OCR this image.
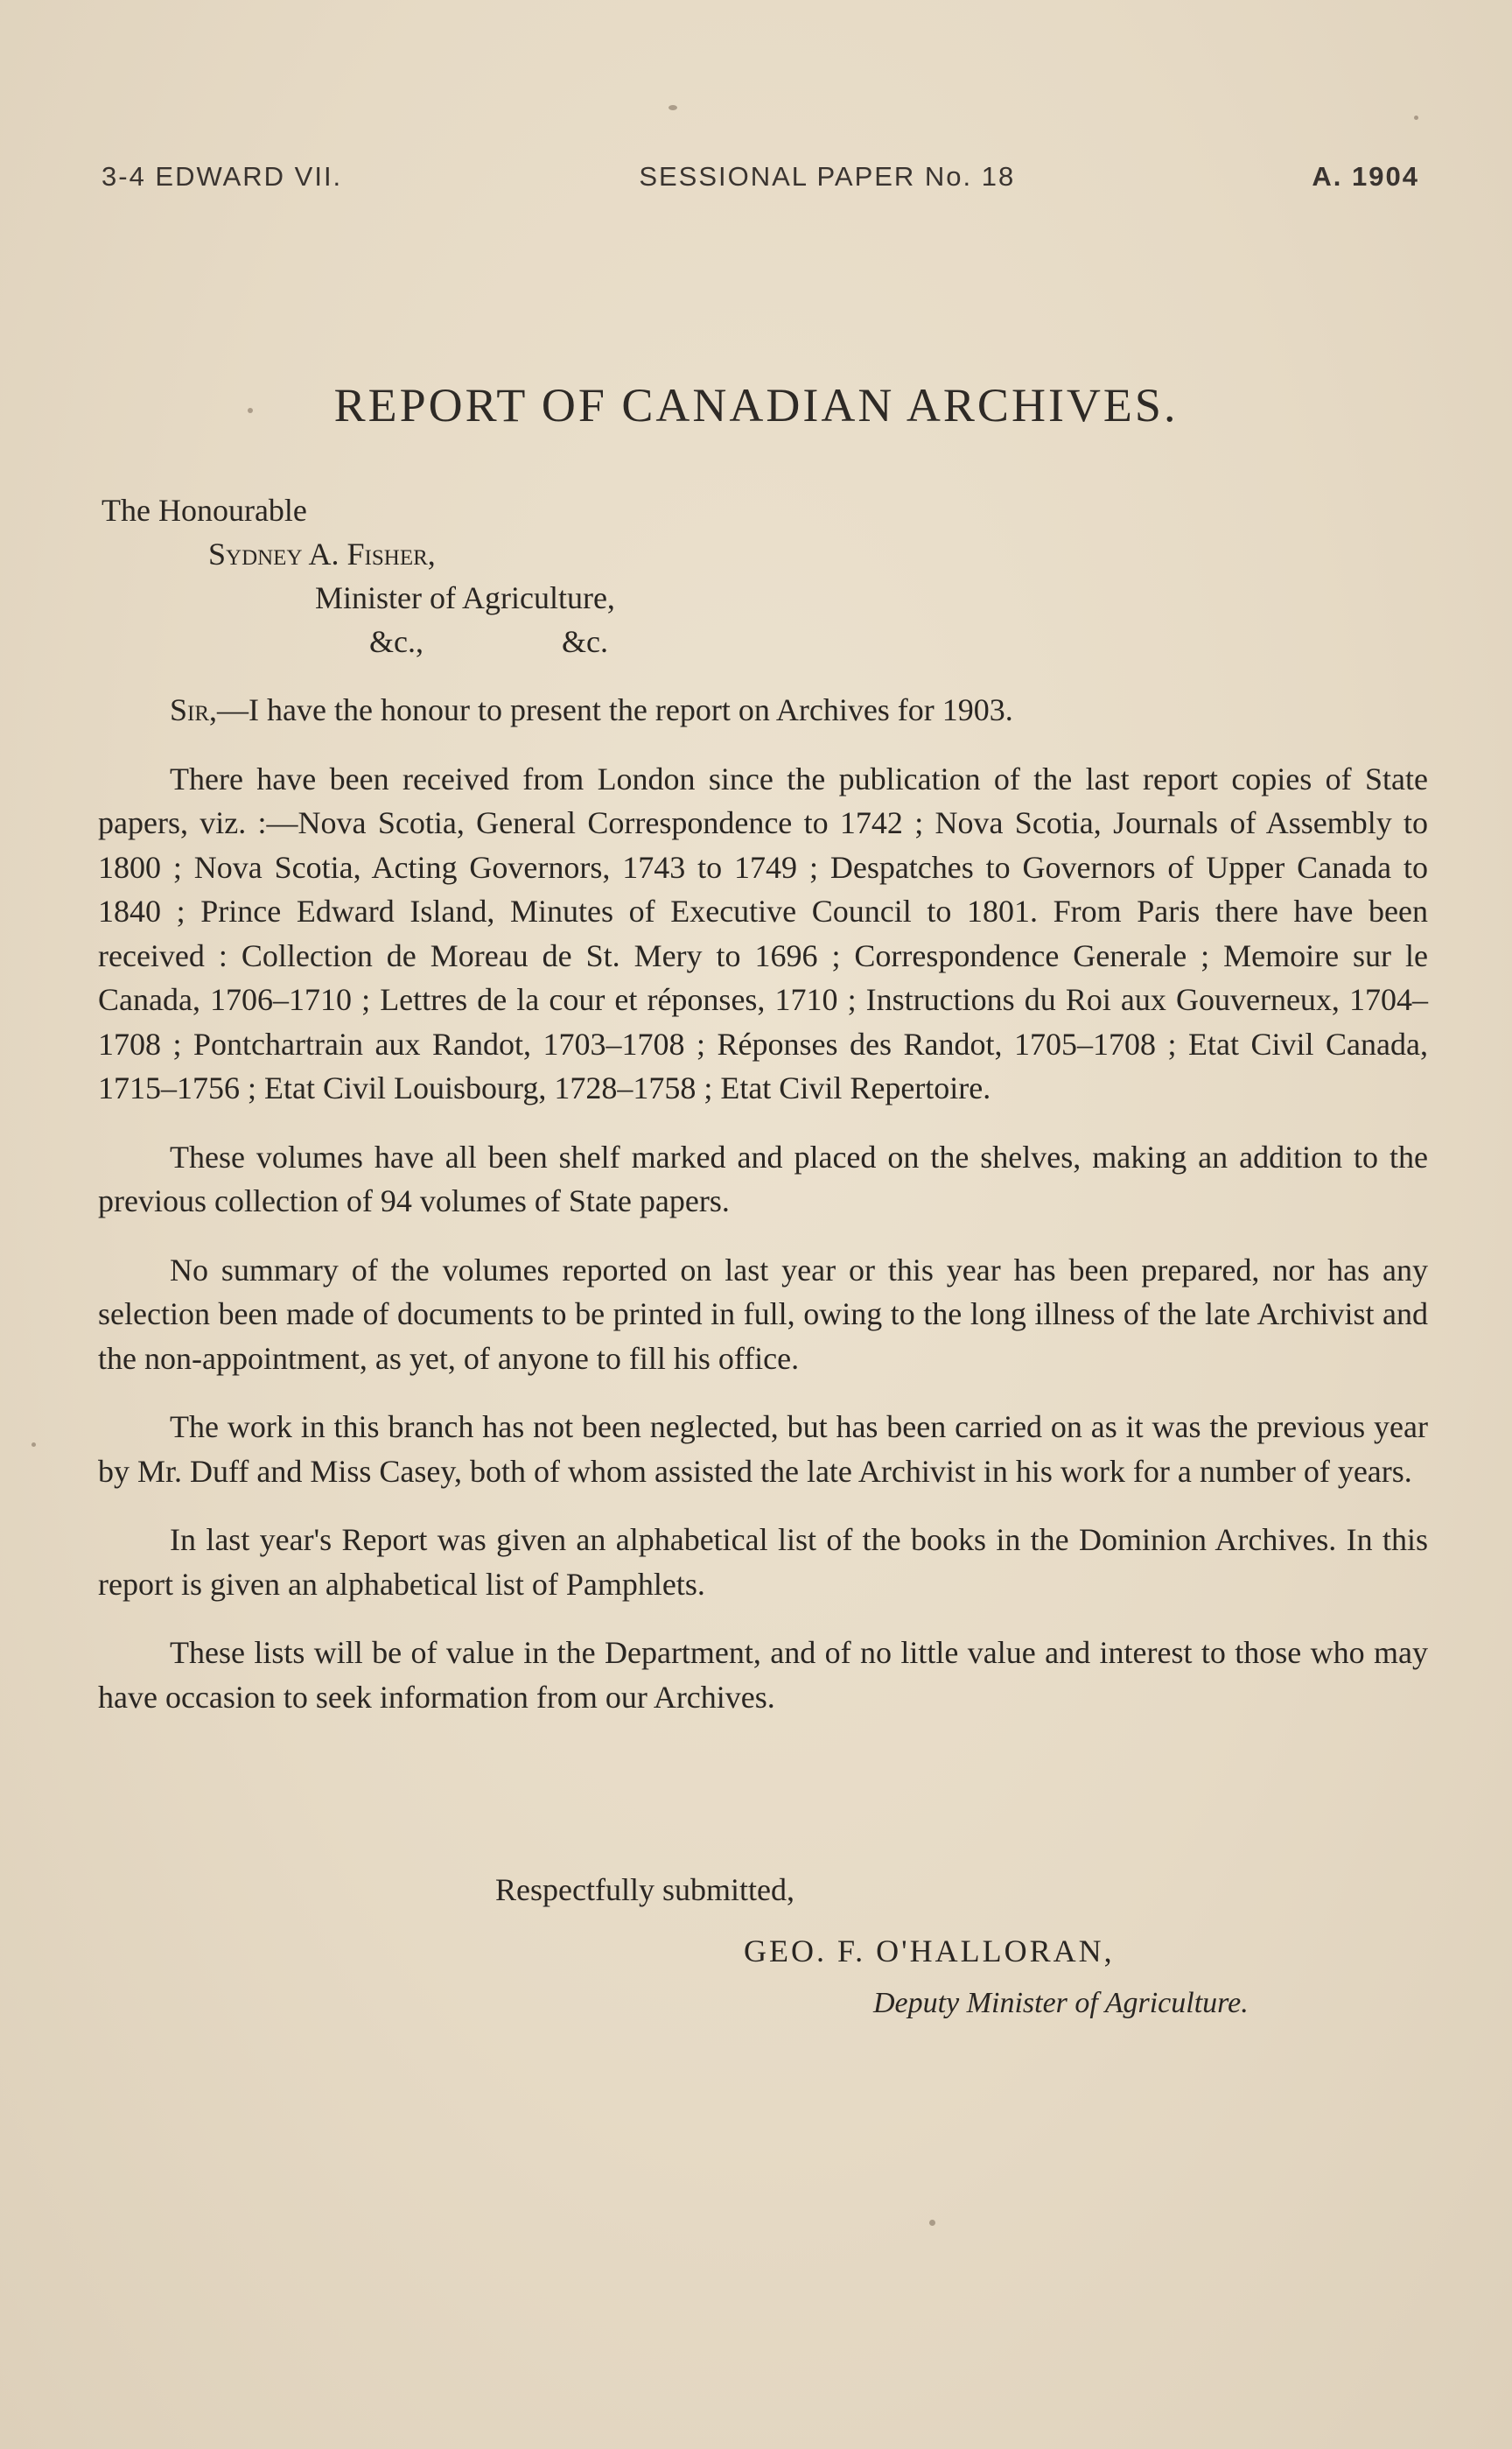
3-4 EDWARD VII.	SESSIONAL PAPER No. 18	A. 1904
REPORT OF CANADIAN ARCHIVES.
The Honourable
Sydney A. Fisher,
Minister of Agriculture,
&c.,	&c.

Sir,—I have the honour to present the report on Archives for 1903.

There have been received from London since the publication of the last report copies of State papers, viz. :—Nova Scotia, General Correspondence to 1742 ; Nova Scotia, Journals of Assembly to 1800 ; Nova Scotia, Acting Governors, 1743 to 1749 ; Despatches to Governors of Upper Canada to 1840 ; Prince Edward Island, Minutes of Executive Council to 1801. From Paris there have been received : Collection de Moreau de St. Mery to 1696 ; Correspondence Generale ; Memoire sur le Canada, 1706–1710 ; Lettres de la cour et réponses, 1710 ; Instructions du Roi aux Gouverneux, 1704–1708 ; Pontchartrain aux Randot, 1703–1708 ; Réponses des Randot, 1705–1708 ; Etat Civil Canada, 1715–1756 ; Etat Civil Louisbourg, 1728–1758 ; Etat Civil Repertoire.

These volumes have all been shelf marked and placed on the shelves, making an addition to the previous collection of 94 volumes of State papers.

No summary of the volumes reported on last year or this year has been prepared, nor has any selection been made of documents to be printed in full, owing to the long illness of the late Archivist and the non-appointment, as yet, of anyone to fill his office.

The work in this branch has not been neglected, but has been carried on as it was the previous year by Mr. Duff and Miss Casey, both of whom assisted the late Archivist in his work for a number of years.

In last year's Report was given an alphabetical list of the books in the Dominion Archives. In this report is given an alphabetical list of Pamphlets.

These lists will be of value in the Department, and of no little value and interest to those who may have occasion to seek information from our Archives.

Respectfully submitted,
GEO. F. O'HALLORAN,
Deputy Minister of Agriculture.
